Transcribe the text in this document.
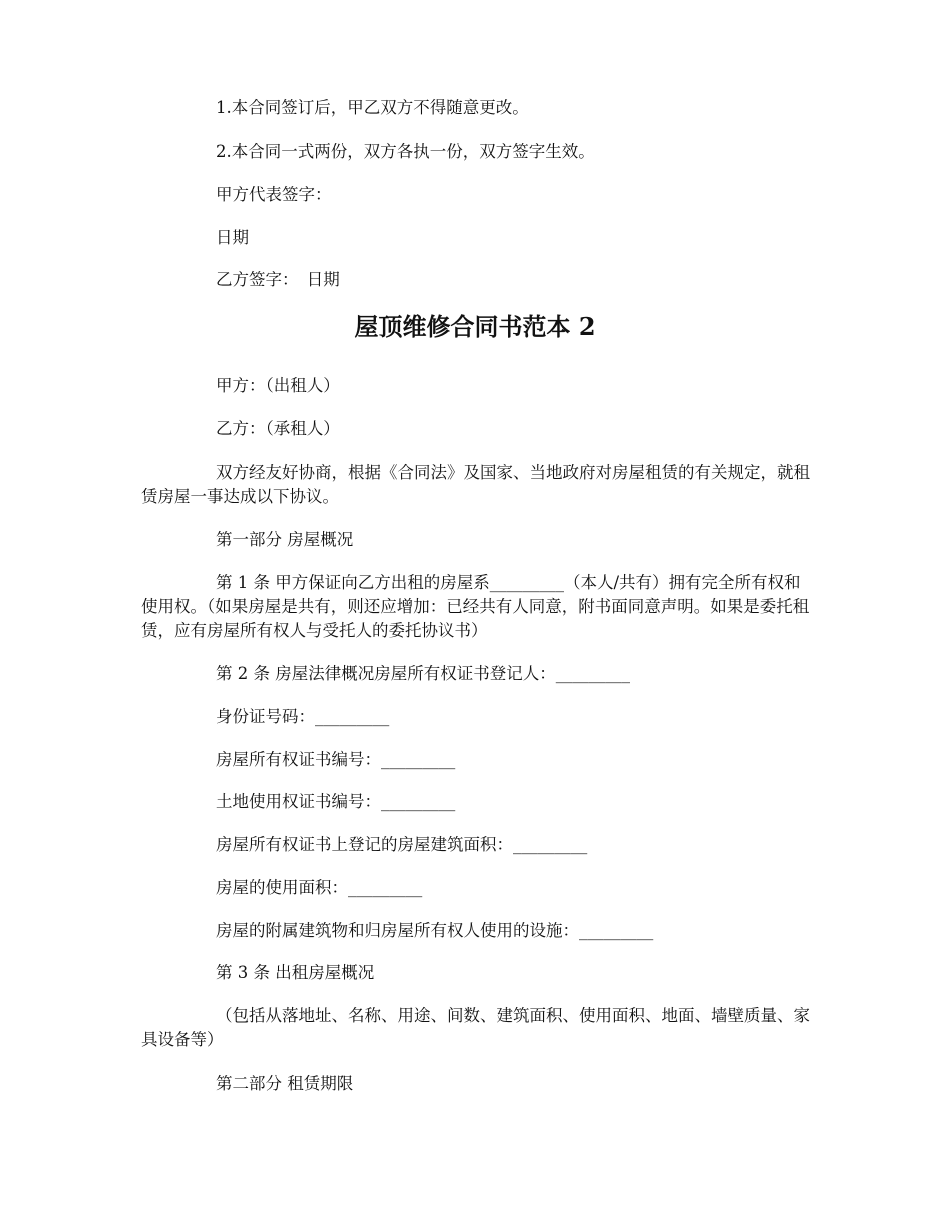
1.本合同签订后，甲乙双方不得随意更改。

2.本合同一式两份，双方各执一份，双方签字生效。

甲方代表签字：

日期

乙方签字：　日期

屋顶维修合同书范本 2

甲方：（出租人）

乙方：（承租人）

双方经友好协商，根据《合同法》及国家、当地政府对房屋租赁的有关规定，就租赁房屋一事达成以下协议。

第一部分 房屋概况

第 1 条 甲方保证向乙方出租的房屋系_________（本人/共有）拥有完全所有权和使用权。（如果房屋是共有，则还应增加：已经共有人同意，附书面同意声明。如果是委托租赁，应有房屋所有权人与受托人的委托协议书）

第 2 条 房屋法律概况房屋所有权证书登记人：_________

身份证号码：_________

房屋所有权证书编号：_________

土地使用权证书编号：_________

房屋所有权证书上登记的房屋建筑面积：_________

房屋的使用面积：_________

房屋的附属建筑物和归房屋所有权人使用的设施：_________

第 3 条 出租房屋概况

（包括从落地址、名称、用途、间数、建筑面积、使用面积、地面、墙壁质量、家具设备等）

第二部分 租赁期限
